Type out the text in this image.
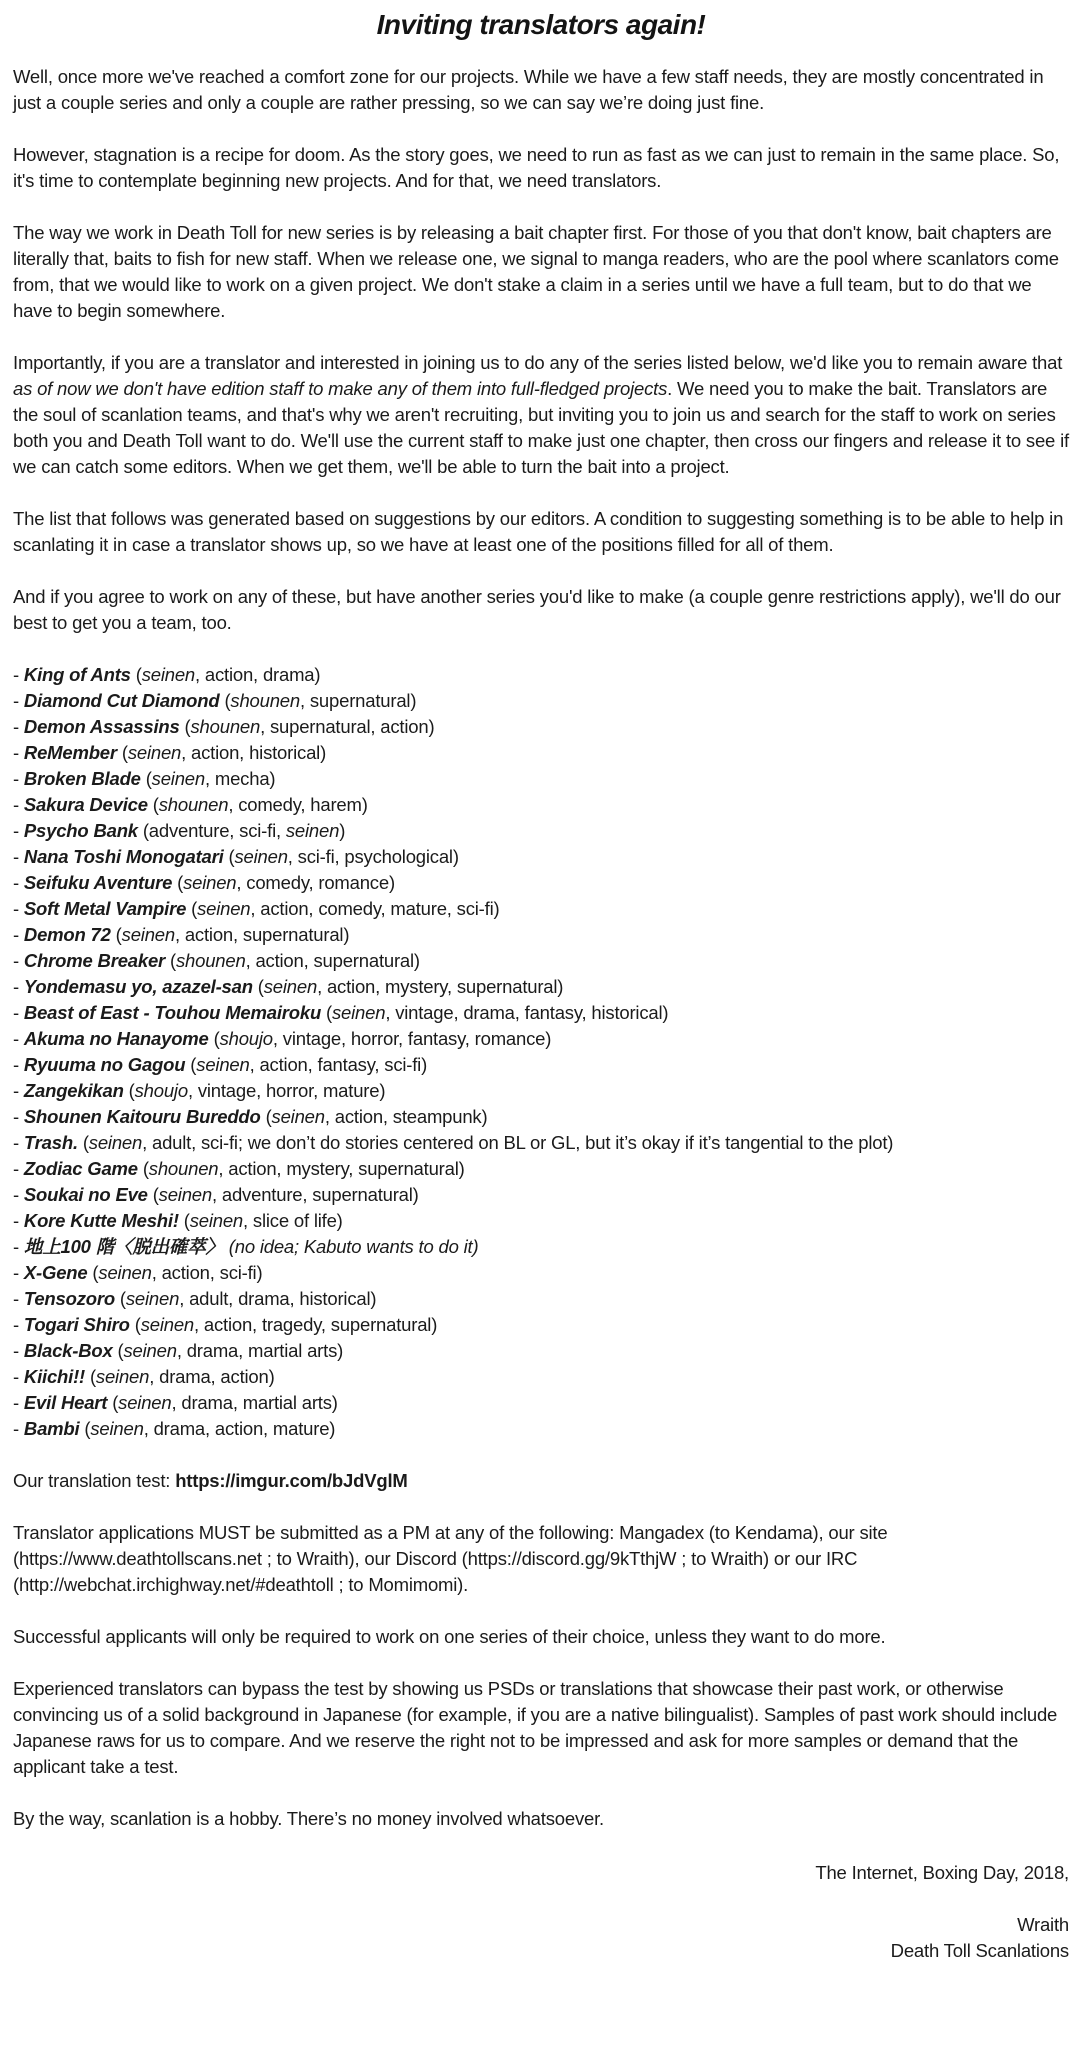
Inviting translators again!

Well, once more we've reached a comfort zone for our projects. While we have a few staff needs, they are mostly concentrated in just a couple series and only a couple are rather pressing, so we can say we’re doing just fine.

However, stagnation is a recipe for doom. As the story goes, we need to run as fast as we can just to remain in the same place. So, it's time to contemplate beginning new projects. And for that, we need translators.

The way we work in Death Toll for new series is by releasing a bait chapter first. For those of you that don't know, bait chapters are literally that, baits to fish for new staff. When we release one, we signal to manga readers, who are the pool where scanlators come from, that we would like to work on a given project. We don't stake a claim in a series until we have a full team, but to do that we have to begin somewhere.

Importantly, if you are a translator and interested in joining us to do any of the series listed below, we'd like you to remain aware that as of now we don't have edition staff to make any of them into full-fledged projects. We need you to make the bait. Translators are the soul of scanlation teams, and that's why we aren't recruiting, but inviting you to join us and search for the staff to work on series both you and Death Toll want to do. We'll use the current staff to make just one chapter, then cross our fingers and release it to see if we can catch some editors. When we get them, we'll be able to turn the bait into a project.

The list that follows was generated based on suggestions by our editors. A condition to suggesting something is to be able to help in scanlating it in case a translator shows up, so we have at least one of the positions filled for all of them.

And if you agree to work on any of these, but have another series you'd like to make (a couple genre restrictions apply), we'll do our best to get you a team, too.

- King of Ants (seinen, action, drama)
- Diamond Cut Diamond (shounen, supernatural)
- Demon Assassins (shounen, supernatural, action)
- ReMember (seinen, action, historical)
- Broken Blade (seinen, mecha)
- Sakura Device (shounen, comedy, harem)
- Psycho Bank (adventure, sci-fi, seinen)
- Nana Toshi Monogatari (seinen, sci-fi, psychological)
- Seifuku Aventure (seinen, comedy, romance)
- Soft Metal Vampire (seinen, action, comedy, mature, sci-fi)
- Demon 72 (seinen, action, supernatural)
- Chrome Breaker (shounen, action, supernatural)
- Yondemasu yo, azazel-san (seinen, action, mystery, supernatural)
- Beast of East - Touhou Memairoku (seinen, vintage, drama, fantasy, historical)
- Akuma no Hanayome (shoujo, vintage, horror, fantasy, romance)
- Ryuuma no Gagou (seinen, action, fantasy, sci-fi)
- Zangekikan (shoujo, vintage, horror, mature)
- Shounen Kaitouru Bureddo (seinen, action, steampunk)
- Trash. (seinen, adult, sci-fi; we don’t do stories centered on BL or GL, but it’s okay if it’s tangential to the plot)
- Zodiac Game (shounen, action, mystery, supernatural)
- Soukai no Eve (seinen, adventure, supernatural)
- Kore Kutte Meshi! (seinen, slice of life)
- 地上100 階〈脱出確萃〉 (no idea; Kabuto wants to do it)
- X-Gene (seinen, action, sci-fi)
- Tensozoro (seinen, adult, drama, historical)
- Togari Shiro (seinen, action, tragedy, supernatural)
- Black-Box (seinen, drama, martial arts)
- Kiichi!! (seinen, drama, action)
- Evil Heart (seinen, drama, martial arts)
- Bambi (seinen, drama, action, mature)

Our translation test: https://imgur.com/bJdVglM

Translator applications MUST be submitted as a PM at any of the following: Mangadex (to Kendama), our site (https://www.deathtollscans.net ; to Wraith), our Discord (https://discord.gg/9kTthjW ; to Wraith) or our IRC (http://webchat.irchighway.net/#deathtoll ; to Momimomi).

Successful applicants will only be required to work on one series of their choice, unless they want to do more.

Experienced translators can bypass the test by showing us PSDs or translations that showcase their past work, or otherwise convincing us of a solid background in Japanese (for example, if you are a native bilingualist). Samples of past work should include Japanese raws for us to compare. And we reserve the right not to be impressed and ask for more samples or demand that the applicant take a test.

By the way, scanlation is a hobby. There’s no money involved whatsoever.

The Internet, Boxing Day, 2018,

Wraith

Death Toll Scanlations
